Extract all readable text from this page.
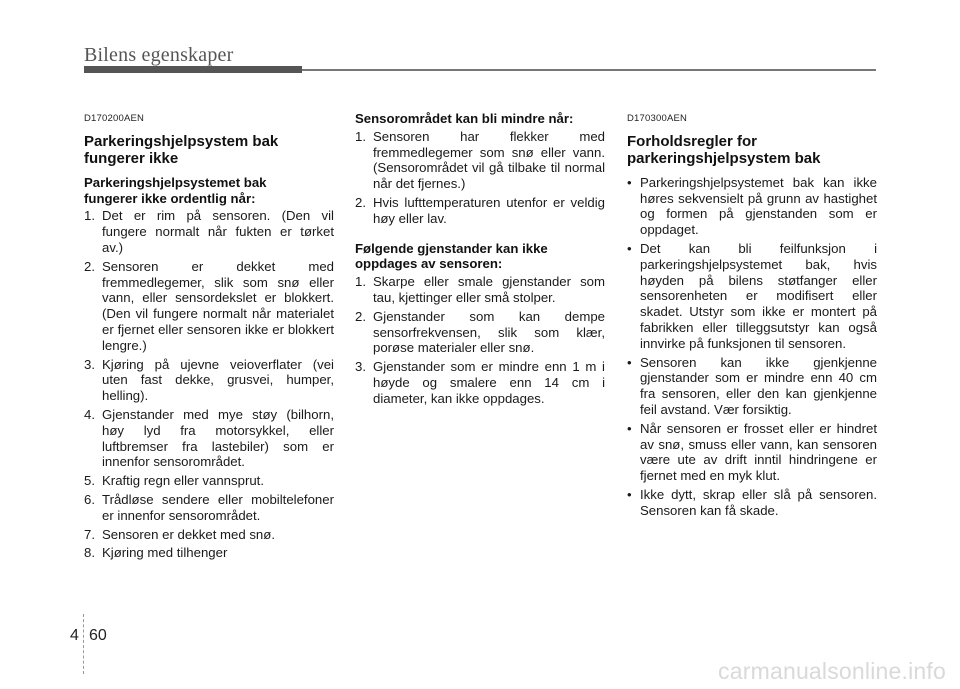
Bilens egenskaper
D170200AEN
Parkeringshjelpsystem bak
fungerer ikke
Parkeringshjelpsystemet bak
fungerer ikke ordentlig når:
1. Det er rim på sensoren. (Den vil fungere normalt når fukten er tørket av.)
2. Sensoren er dekket med fremmedlegemer, slik som snø eller vann, eller sensordekslet er blokkert. (Den vil fungere normalt når materialet er fjernet eller sensoren ikke er blokkert lengre.)
3. Kjøring på ujevne veioverflater (vei uten fast dekke, grusvei, humper, helling).
4. Gjenstander med mye støy (bilhorn, høy lyd fra motorsykkel, eller luftbremser fra lastebiler) som er innenfor sensorområdet.
5. Kraftig regn eller vannsprut.
6. Trådløse sendere eller mobiltelefoner er innenfor sensorområdet.
7. Sensoren er dekket med snø.
8. Kjøring med tilhenger
Sensorområdet kan bli mindre når:
1. Sensoren har flekker med fremmedlegemer som snø eller vann. (Sensorområdet vil gå tilbake til normal når det fjernes.)
2. Hvis lufttemperaturen utenfor er veldig høy eller lav.
Følgende gjenstander kan ikke
oppdages av sensoren:
1. Skarpe eller smale gjenstander som tau, kjettinger eller små stolper.
2. Gjenstander som kan dempe sensorfrekvensen, slik som klær, porøse materialer eller snø.
3. Gjenstander som er mindre enn 1 m i høyde og smalere enn 14 cm i diameter, kan ikke oppdages.
D170300AEN
Forholdsregler for
parkeringshjelpsystem bak
• Parkeringshjelpsystemet bak kan ikke høres sekvensielt på grunn av hastighet og formen på gjenstanden som er oppdaget.
• Det kan bli feilfunksjon i parkeringshjelpsystemet bak, hvis høyden på bilens støtfanger eller sensorenheten er modifisert eller skadet. Utstyr som ikke er montert på fabrikken eller tilleggsutstyr kan også innvirke på funksjonen til sensoren.
• Sensoren kan ikke gjenkjenne gjenstander som er mindre enn 40 cm fra sensoren, eller den kan gjenkjenne feil avstand. Vær forsiktig.
• Når sensoren er frosset eller er hindret av snø, smuss eller vann, kan sensoren være ute av drift inntil hindringene er fjernet med en myk klut.
• Ikke dytt, skrap eller slå på sensoren. Sensoren kan få skade.
4 60
carmanualsonline.info
